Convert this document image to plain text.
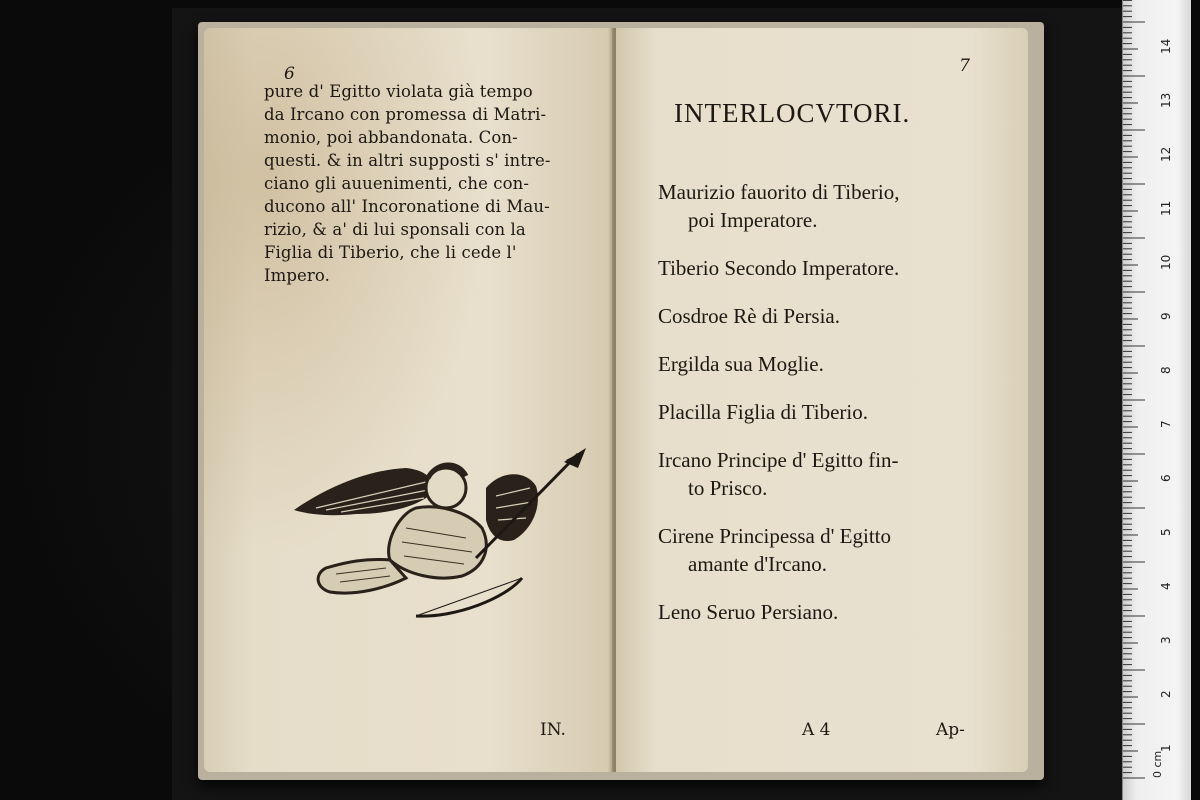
6
pure d' Egitto violata già tempo
da Ircano con promessa di Matri-
monio, poi abbandonata. Con-
questi. & in altri supposti s' intre-
ciano gli auuenimenti, che con-
ducono all' Incoronatione di Mau-
rizio, & a' di lui sponsali con la
Figlia di Tiberio, che li cede l'
Impero.
IN.
7
INTERLOCVTORI.
Maurizio fauorito di Tiberio,
poi Imperatore.
Tiberio Secondo Imperatore.
Cosdroe Rè di Persia.
Ergilda sua Moglie.
Placilla Figlia di Tiberio.
Ircano Principe d' Egitto fin-
to Prisco.
Cirene Principessa d' Egitto
amante d'Ircano.
Leno Seruo Persiano.
A 4	Ap-
0 cm
1
2
3
4
5
6
7
8
9
10
11
12
13
14
